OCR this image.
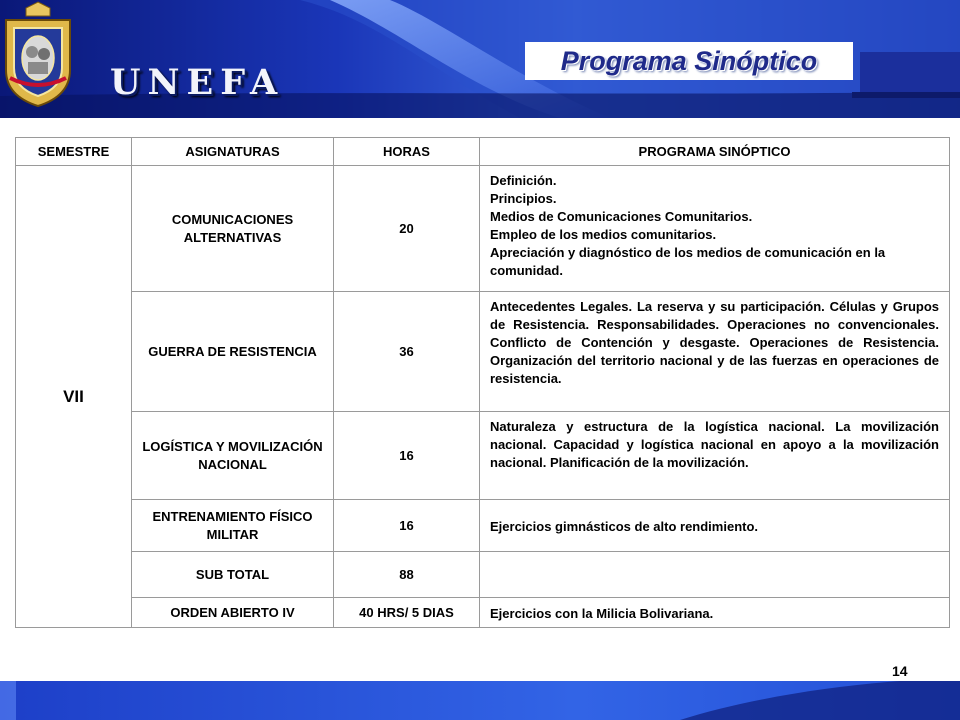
UNEFA
Programa Sinóptico
SEMESTRE	ASIGNATURAS	HORAS	PROGRAMA SINÓPTICO
VII	COMUNICACIONES ALTERNATIVAS	20	Definición.
Principios.
Medios de Comunicaciones Comunitarios.
Empleo de los medios comunitarios.
Apreciación y diagnóstico de los medios de comunicación en la comunidad.

	GUERRA DE RESISTENCIA	36	Antecedentes Legales. La reserva y su participación. Células y Grupos de Resistencia. Responsabilidades. Operaciones no convencionales. Conflicto de Contención y desgaste. Operaciones de Resistencia. Organización del territorio nacional y de las fuerzas en operaciones de resistencia.
	LOGÍSTICA Y MOVILIZACIÓN NACIONAL	16	Naturaleza y estructura de la logística nacional. La movilización nacional. Capacidad y logística nacional en apoyo a la movilización nacional. Planificación de la movilización.
	ENTRENAMIENTO FÍSICO MILITAR	16	Ejercicios gimnásticos de alto rendimiento.
	SUB TOTAL	88	
	ORDEN ABIERTO IV	40 HRS/ 5 DIAS	Ejercicios con la Milicia Bolivariana.
14
